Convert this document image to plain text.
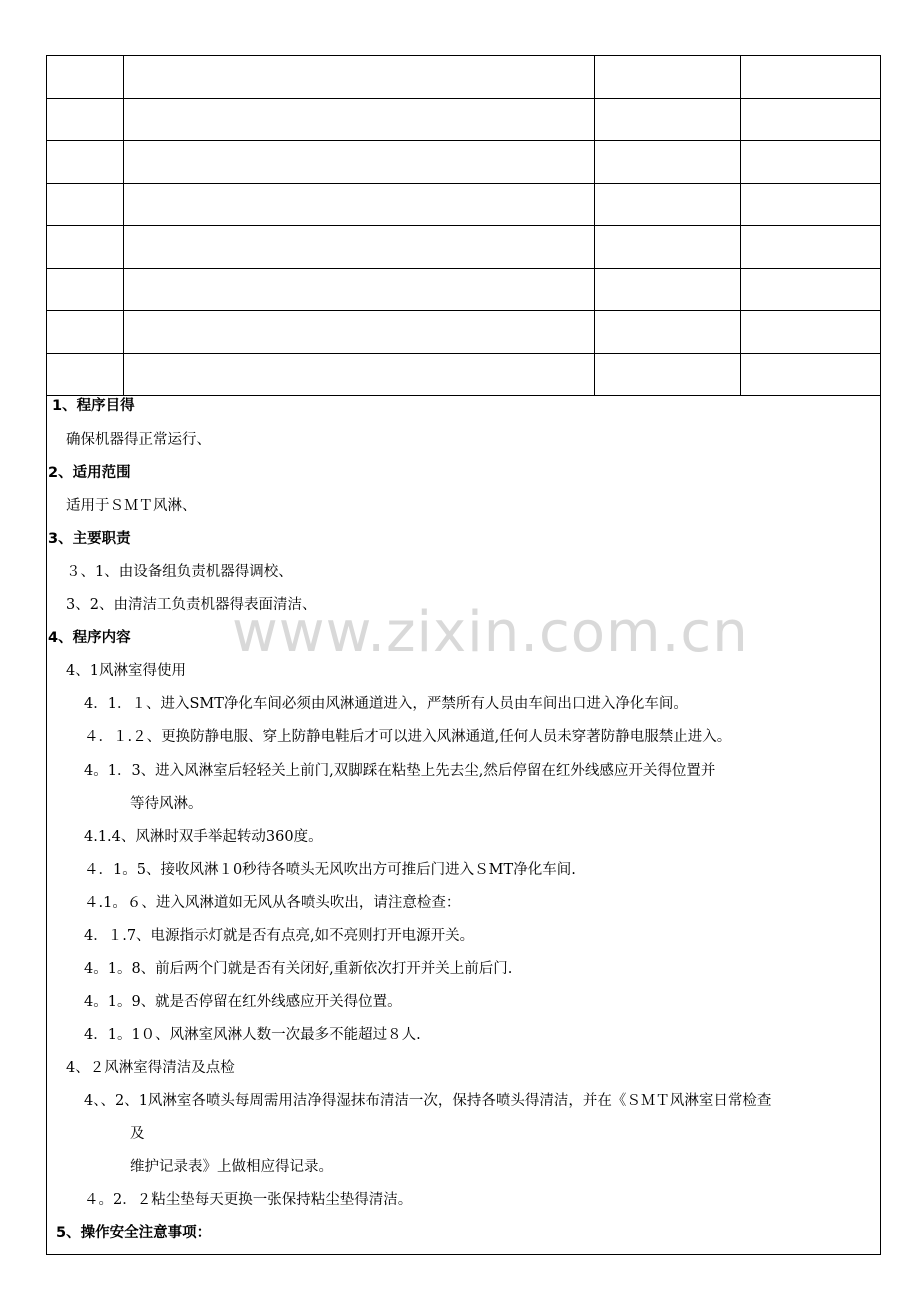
www.zixin.com.cn
1、程序目得
确保机器得正常运行、
2、适用范围
适用于ＳＭＴ风淋、
3、主要职责
３、1、由设备组负责机器得调校、
3、2、由清洁工负责机器得表面清洁、
4、程序内容
4、1风淋室得使用
4．1．１、进入SMT净化车间必须由风淋通道进入，严禁所有人员由车间出口进入净化车间。
４．１.２、更换防静电服、穿上防静电鞋后才可以进入风淋通道,任何人员未穿著防静电服禁止进入。
4。1．3、进入风淋室后轻轻关上前门,双脚踩在粘垫上先去尘,然后停留在红外线感应开关得位置并
等待风淋。
4.1.4、风淋时双手举起转动360度。
４．1。5、接收风淋１0秒待各喷头无风吹出方可推后门进入ＳMT净化车间.
４.1。６、进入风淋道如无风从各喷头吹出，请注意检查：
4．１.7、电源指示灯就是否有点亮,如不亮则打开电源开关。
4。1。8、前后两个门就是否有关闭好,重新依次打开并关上前后门.
4。1。9、就是否停留在红外线感应开关得位置。
4．1。1０、风淋室风淋人数一次最多不能超过８人.
4、２风淋室得清洁及点检
4、、2、1风淋室各喷头每周需用洁净得湿抹布清洁一次，保持各喷头得清洁，并在《ＳＭＴ风淋室日常检查
及
维护记录表》上做相应得记录。
４。2．２粘尘垫每天更换一张保持粘尘垫得清洁。
5、操作安全注意事项：
